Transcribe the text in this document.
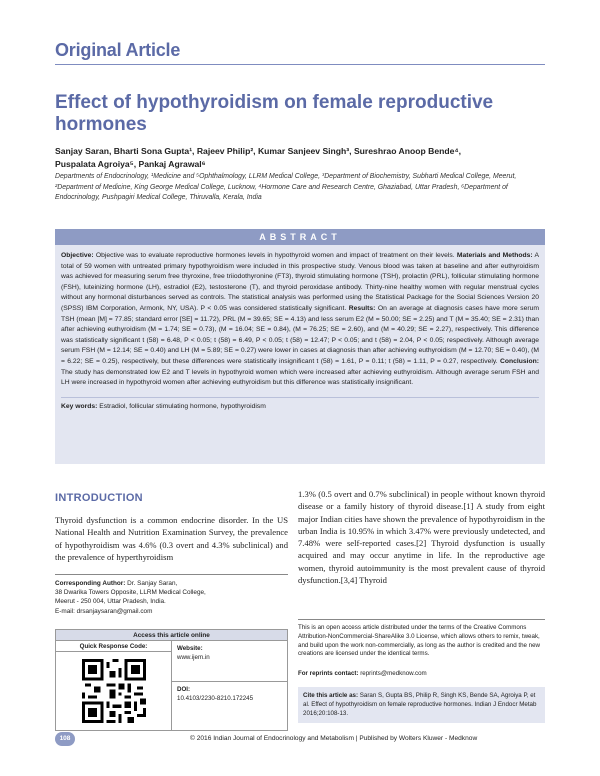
Original Article
Effect of hypothyroidism on female reproductive hormones
Sanjay Saran, Bharti Sona Gupta¹, Rajeev Philip², Kumar Sanjeev Singh³, Sureshrao Anoop Bende⁴,
Puspalata Agroiya⁵, Pankaj Agrawal⁶
Departments of Endocrinology, ¹Medicine and ⁵Ophthalmology, LLRM Medical College, ³Department of Biochemistry, Subharti Medical College, Meerut, ²Department of Medicine, King George Medical College, Lucknow, ⁴Hormone Care and Research Centre, Ghaziabad, Uttar Pradesh, ⁶Department of Endocrinology, Pushpagiri Medical College, Thiruvalla, Kerala, India
ABSTRACT
Objective: Objective was to evaluate reproductive hormones levels in hypothyroid women and impact of treatment on their levels. Materials and Methods: A total of 59 women with untreated primary hypothyroidism were included in this prospective study. Venous blood was taken at baseline and after euthyroidism was achieved for measuring serum free thyroxine, free triiodothyronine (FT3), thyroid stimulating hormone (TSH), prolactin (PRL), follicular stimulating hormone (FSH), luteinizing hormone (LH), estradiol (E2), testosterone (T), and thyroid peroxidase antibody. Thirty-nine healthy women with regular menstrual cycles without any hormonal disturbances served as controls. The statistical analysis was performed using the Statistical Package for the Social Sciences Version 20 (SPSS) IBM Corporation, Armonk, NY, USA). P < 0.05 was considered statistically significant. Results: On an average at diagnosis cases have more serum TSH (mean [M] = 77.85; standard error [SE] = 11.72), PRL (M = 39.65; SE = 4.13) and less serum E2 (M = 50.00; SE = 2.25) and T (M = 35.40; SE = 2.31) than after achieving euthyroidism (M = 1.74; SE = 0.73), (M = 16.04; SE = 0.84), (M = 76.25; SE = 2.60), and (M = 40.29; SE = 2.27), respectively. This difference was statistically significant t (58) = 6.48, P < 0.05; t (58) = 6.49, P < 0.05; t (58) = 12.47; P < 0.05; and t (58) = 2.04, P < 0.05; respectively. Although average serum FSH (M = 12.14; SE = 0.40) and LH (M = 5.89; SE = 0.27) were lower in cases at diagnosis than after achieving euthyroidism (M = 12.70; SE = 0.40), (M = 6.22; SE = 0.25), respectively, but these differences were statistically insignificant t (58) = 1.61, P = 0.11; t (58) = 1.11, P = 0.27, respectively. Conclusion: The study has demonstrated low E2 and T levels in hypothyroid women which were increased after achieving euthyroidism. Although average serum FSH and LH were increased in hypothyroid women after achieving euthyroidism but this difference was statistically insignificant.
Key words: Estradiol, follicular stimulating hormone, hypothyroidism
INTRODUCTION
Thyroid dysfunction is a common endocrine disorder. In the US National Health and Nutrition Examination Survey, the prevalence of hypothyroidism was 4.6% (0.3 overt and 4.3% subclinical) and the prevalence of hyperthyroidism
1.3% (0.5 overt and 0.7% subclinical) in people without known thyroid disease or a family history of thyroid disease.[1] A study from eight major Indian cities have shown the prevalence of hypothyroidism in the urban India is 10.95% in which 3.47% were previously undetected, and 7.48% were self-reported cases.[2] Thyroid dysfunction is usually acquired and may occur anytime in life. In the reproductive age women, thyroid autoimmunity is the most prevalent cause of thyroid dysfunction.[3,4] Thyroid
Corresponding Author: Dr. Sanjay Saran,
38 Dwarika Towers Opposite, LLRM Medical College,
Meerut - 250 004, Uttar Pradesh, India.
E-mail: drsanjaysaran@gmail.com
Access this article online
Quick Response Code:	Website:
www.ijem.in
DOI:
10.4103/2230-8210.172245
This is an open access article distributed under the terms of the Creative Commons Attribution-NonCommercial-ShareAlike 3.0 License, which allows others to remix, tweak, and build upon the work non-commercially, as long as the author is credited and the new creations are licensed under the identical terms.
For reprints contact: reprints@medknow.com
Cite this article as: Saran S, Gupta BS, Philip R, Singh KS, Bende SA, Agroiya P, et al. Effect of hypothyroidism on female reproductive hormones. Indian J Endocr Metab 2016;20:108-13.
108	© 2016 Indian Journal of Endocrinology and Metabolism | Published by Wolters Kluwer - Medknow
